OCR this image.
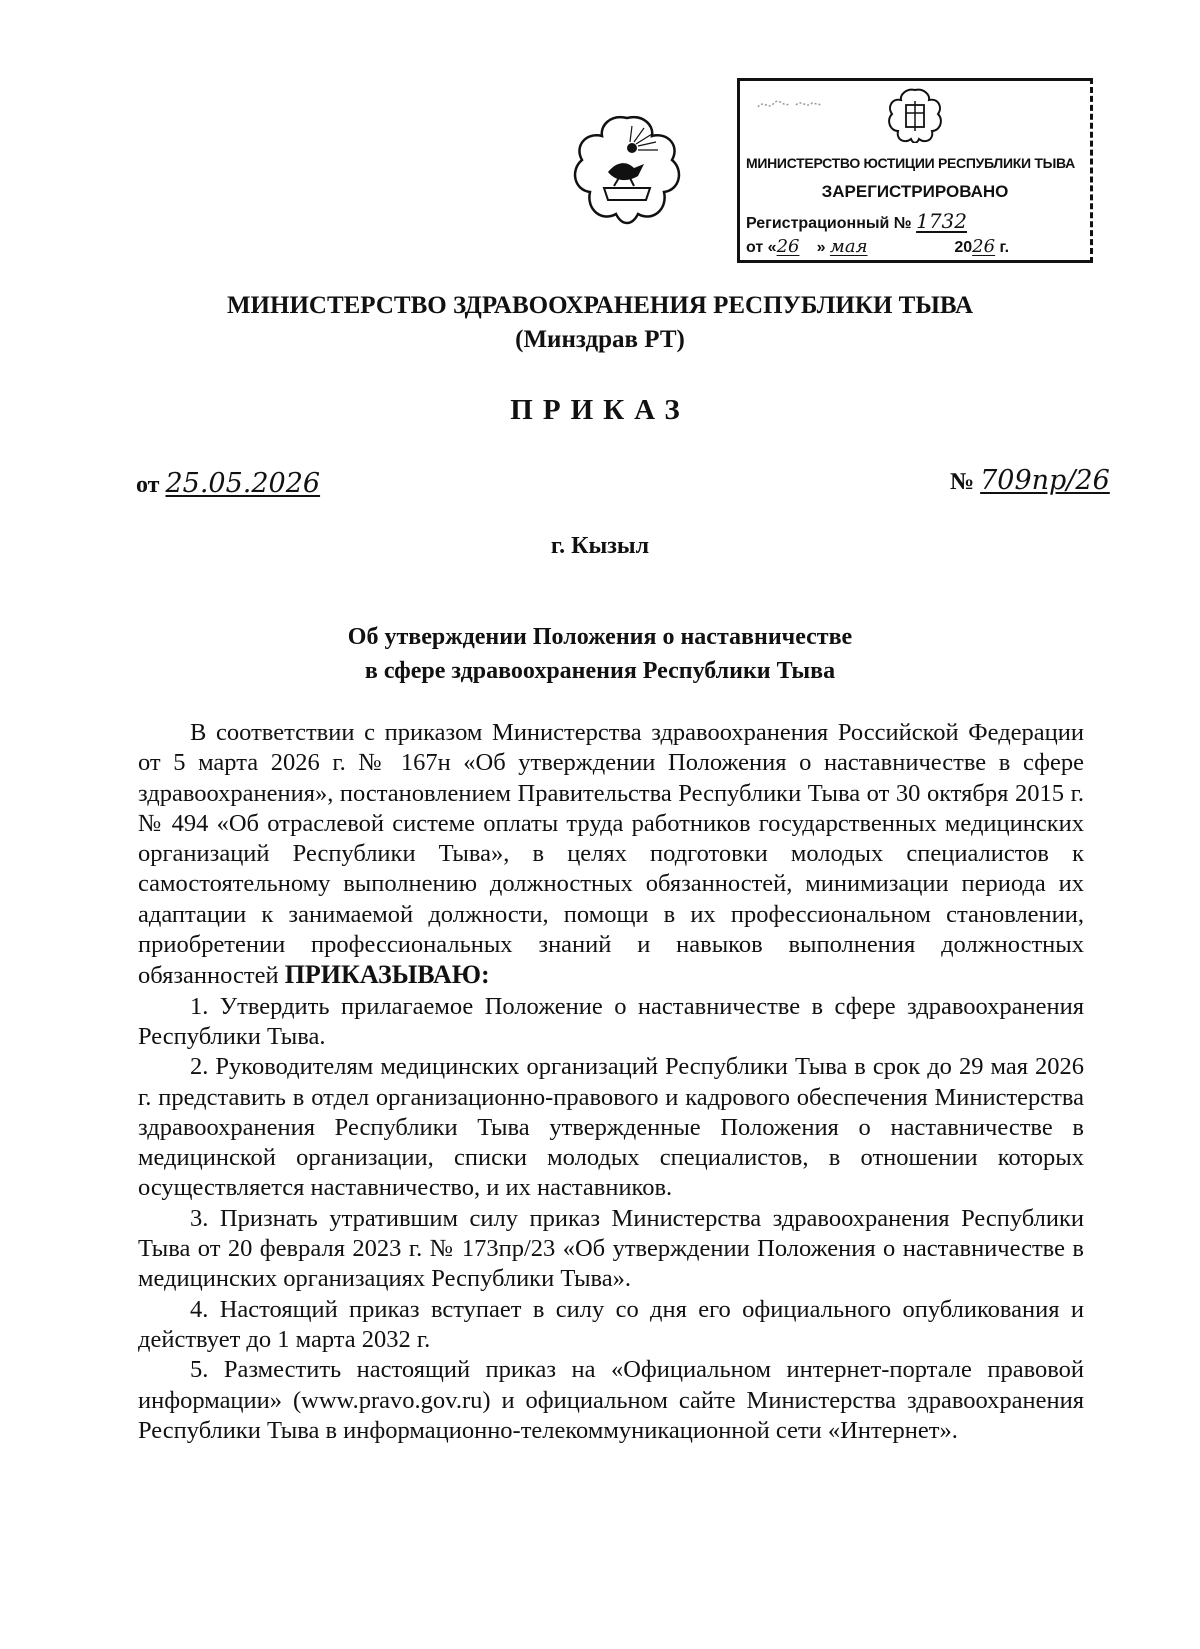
МИНИСТЕРСТВО ЮСТИЦИИ РЕСПУБЛИКИ ТЫВА
ЗАРЕГИСТРИРОВАНО
Регистрационный № 1732
от «26 » мая	2026 г.
МИНИСТЕРСТВО ЗДРАВООХРАНЕНИЯ РЕСПУБЛИКИ ТЫВА
(Минздрав РТ)
ПРИКАЗ
от 25.05.2026	№ 709пр/26
г. Кызыл
Об утверждении Положения о наставничестве
в сфере здравоохранения Республики Тыва

В соответствии с приказом Министерства здравоохранения Российской Федерации от 5 марта 2026 г. № 167н «Об утверждении Положения о наставничестве в сфере здравоохранения», постановлением Правительства Республики Тыва от 30 октября 2015 г. № 494 «Об отраслевой системе оплаты труда работников государственных медицинских организаций Республики Тыва», в целях подготовки молодых специалистов к самостоятельному выполнению должностных обязанностей, минимизации периода их адаптации к занимаемой должности, помощи в их профессиональном становлении, приобретении профессиональных знаний и навыков выполнения должностных обязанностей ПРИКАЗЫВАЮ:

1. Утвердить прилагаемое Положение о наставничестве в сфере здравоохранения Республики Тыва.

2. Руководителям медицинских организаций Республики Тыва в срок до 29 мая 2026 г. представить в отдел организационно-правового и кадрового обеспечения Министерства здравоохранения Республики Тыва утвержденные Положения о наставничестве в медицинской организации, списки молодых специалистов, в отношении которых осуществляется наставничество, и их наставников.

3. Признать утратившим силу приказ Министерства здравоохранения Республики Тыва от 20 февраля 2023 г. № 173пр/23 «Об утверждении Положения о наставничестве в медицинских организациях Республики Тыва».

4. Настоящий приказ вступает в силу со дня его официального опубликования и действует до 1 марта 2032 г.

5. Разместить настоящий приказ на «Официальном интернет-портале правовой информации» (www.pravo.gov.ru) и официальном сайте Министерства здравоохранения Республики Тыва в информационно-телекоммуникационной сети «Интернет».
